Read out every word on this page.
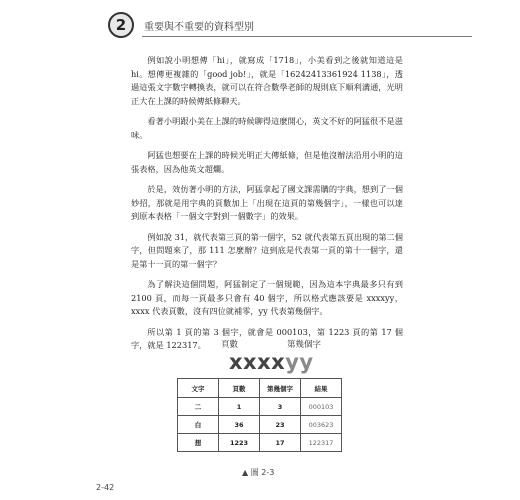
2	重要與不重要的資料型別

例如說小明想傳「hi」，就寫成「1718」，小美看到之後就知道這是 hi。想傳更複雜的「good job!」，就是「16242413361924 1138」，透過這張文字數字轉換表，就可以在符合數學老師的規則底下順利溝通，光明正大在上課的時候傳紙條聊天。

看著小明跟小美在上課的時候聊得這麼開心，英文不好的阿猛很不是滋味。

阿猛也想要在上課的時候光明正大傳紙條，但是他沒辦法沿用小明的這張表格，因為他英文超爛。

於是，效仿著小明的方法，阿猛拿起了國文課需購的字典，想到了一個妙招，那就是用字典的頁數加上「出現在這頁的第幾個字」，一樣也可以達到原本表格「一個文字對到一個數字」的效果。

例如說 31，就代表第三頁的第一個字，52 就代表第五頁出現的第二個字，但問題來了，那 111 怎麼辦？這到底是代表第一頁的第十一個字，還是第十一頁的第一個字？

為了解決這個問題，阿猛制定了一個規範，因為這本字典最多只有到 2100 頁，而每一頁最多只會有 40 個字，所以格式應該要是 xxxxyy，xxxx 代表頁數，沒有四位就補零，yy 代表第幾個字。

所以第 1 頁的第 3 個字，就會是 000103，第 1223 頁的第 17 個字，就是 122317。	頁數	第幾個字
xxxxyy
文字	頁數	第幾個字	結果
二	1	3	000103
白	36	23	003623
想	1223	17	122317
▲ 圖 2-3
2-42
